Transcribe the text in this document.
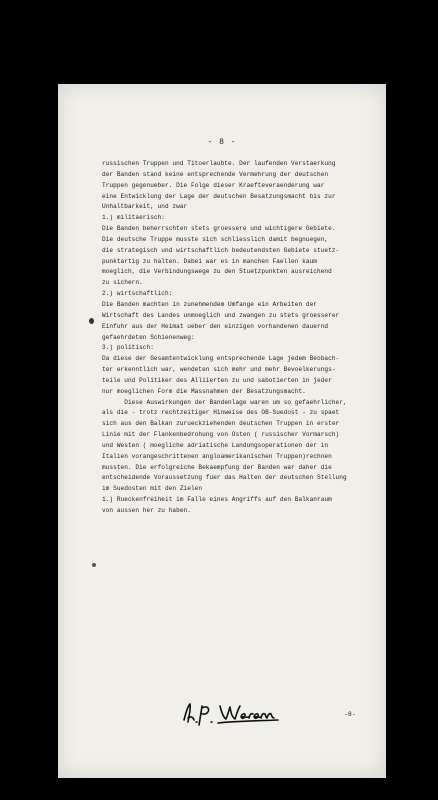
- 8 -
russischen Truppen und Titoerlaubte. Der laufenden Verstaerkung
der Banden stand keine entsprechende Vermehrung der deutschen
Truppen gegenueber. Die Folge dieser Kraefteveraenderung war
eine Entwicklung der Lage der deutschen Besatzungsmacht bis zur
Unhaltbarkeit, und zwar
1.) militaerisch:
Die Banden beherrschten stets groessere und wichtigere Gebiete.
Die deutsche Truppe musste sich schliesslich damit begnuegen,
die strategisch und wirtschaftlich bedeutendsten Gebiete stuetz-
punktartig zu halten. Dabei war es in manchen Faellen kaum
moeglich, die Verbindungswege zu den Stuetzpunkten ausreichend
zu sichern.
2.) wirtschaftlich:
Die Banden machten in zunehmendem Umfange ein Arbeiten der
Wirtschaft des Landes unmoeglich und zwangen zu stets groesserer
Einfuhr aus der Heimat ueber den einzigen vorhandenen dauernd
gefaehrdeten Schienenweg:
3.) politisch:
Da diese der Gesamtentwicklung entsprechende Lage jedem Beobach-
ter erkenntlich war, wendeten sich mehr und mehr Bevoelkerungs-
teile und Politiker des Alliierten zu und sabotierten in jeder
nur moeglichen Form die Massnahmen der Besatzungsmacht.
Diese Auswirkungen der Bandenlage waren um so gefaehrlicher,
als die - trotz rechtzeitiger Hinweise des OB-Suedost - zu spaet
sich aus den Balkan zurueckziehenden deutschen Truppen in erster
Linie mit der Flankenbedrohung von Osten ( russischer Vormarsch)
und Westen ( moegliche adriatische Landungsoperationen der in
Italien vorangeschrittenen angloamerikanischen Truppen)rechnen
mussten. Die erfolgreiche Bekaempfung der Banden war daher die
entscheidende Voraussetzung fuer das Halten der deutschen Stellung
im Suedosten mit den Zielen
1.) Rueckenfreiheit im Falle eines Angriffs auf den Balkanraum
von aussen her zu haben.
-8-
